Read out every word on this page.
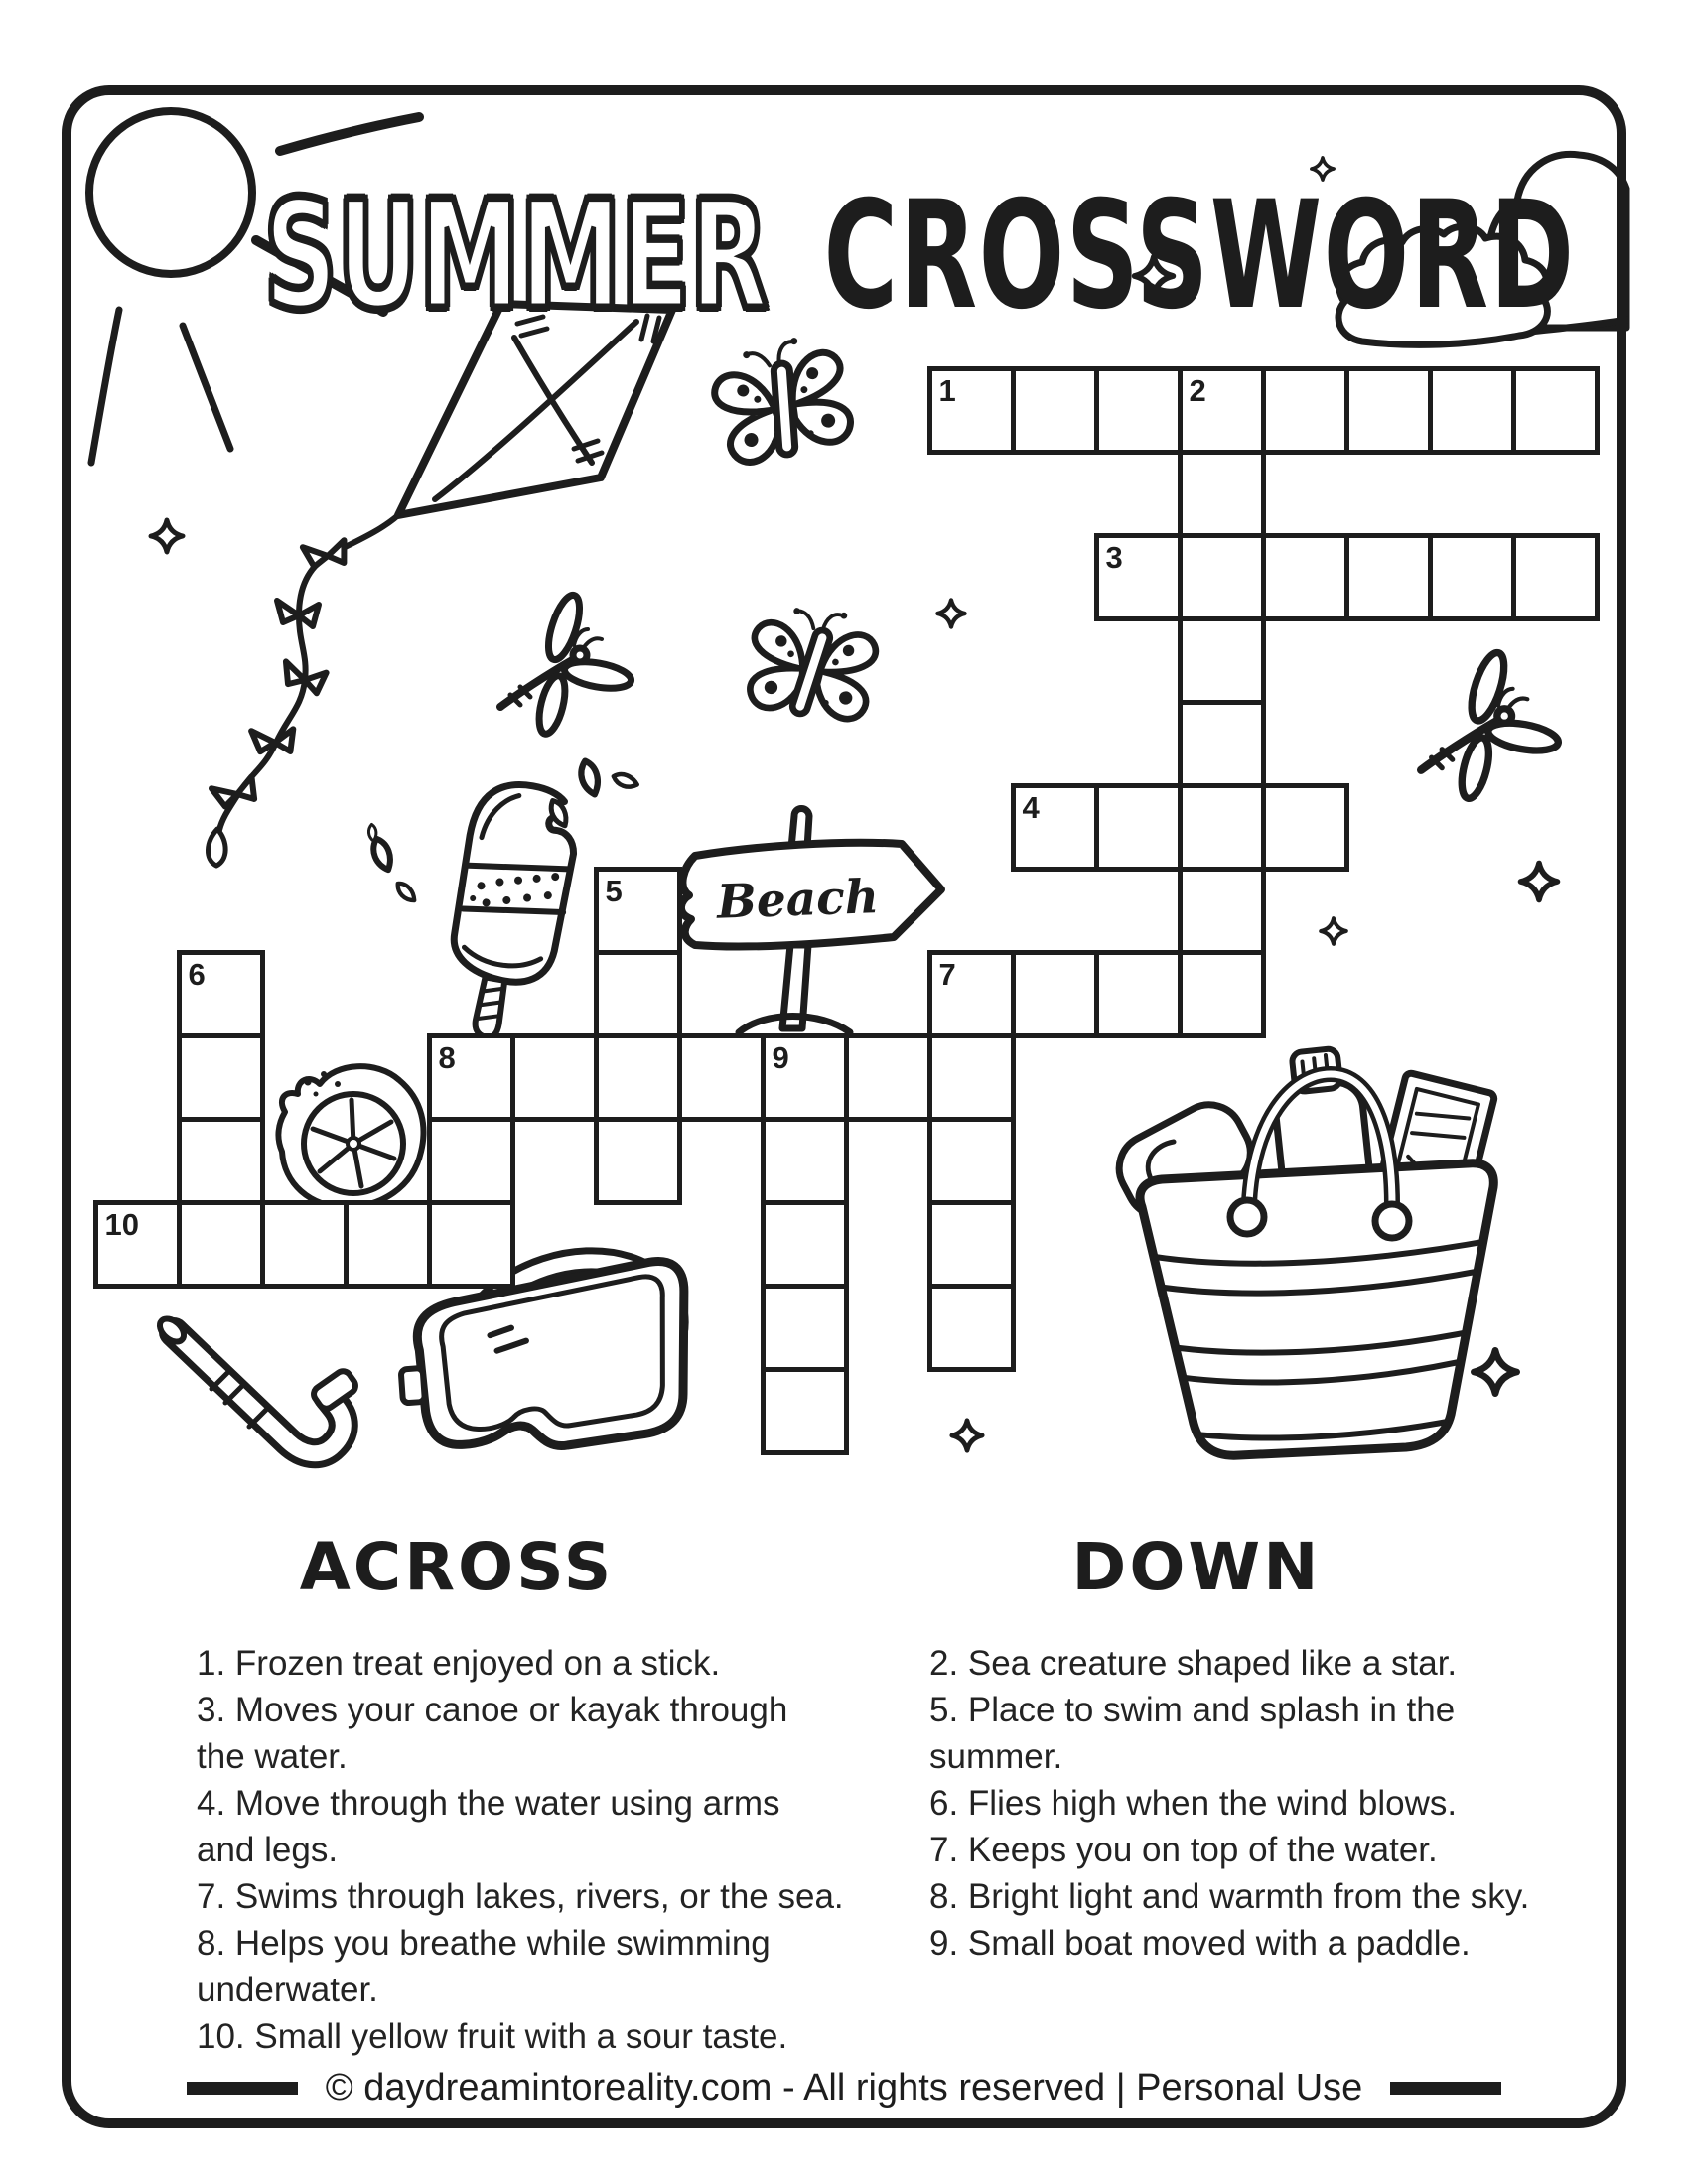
Beach
SUMMER CROSSWORD
1	2
3
4
5
6	7
8	9
10
ACROSS	DOWN
1. Frozen treat enjoyed on a stick.
3. Moves your canoe or kayak through
the water.
4. Move through the water using arms
and legs.
7. Swims through lakes, rivers, or the sea.
8. Helps you breathe while swimming
underwater.
10. Small yellow fruit with a sour taste.
2. Sea creature shaped like a star.
5. Place to swim and splash in the
summer.
6. Flies high when the wind blows.
7. Keeps you on top of the water.
8. Bright light and warmth from the sky.
9. Small boat moved with a paddle.
© daydreamintoreality.com - All rights reserved | Personal Use
